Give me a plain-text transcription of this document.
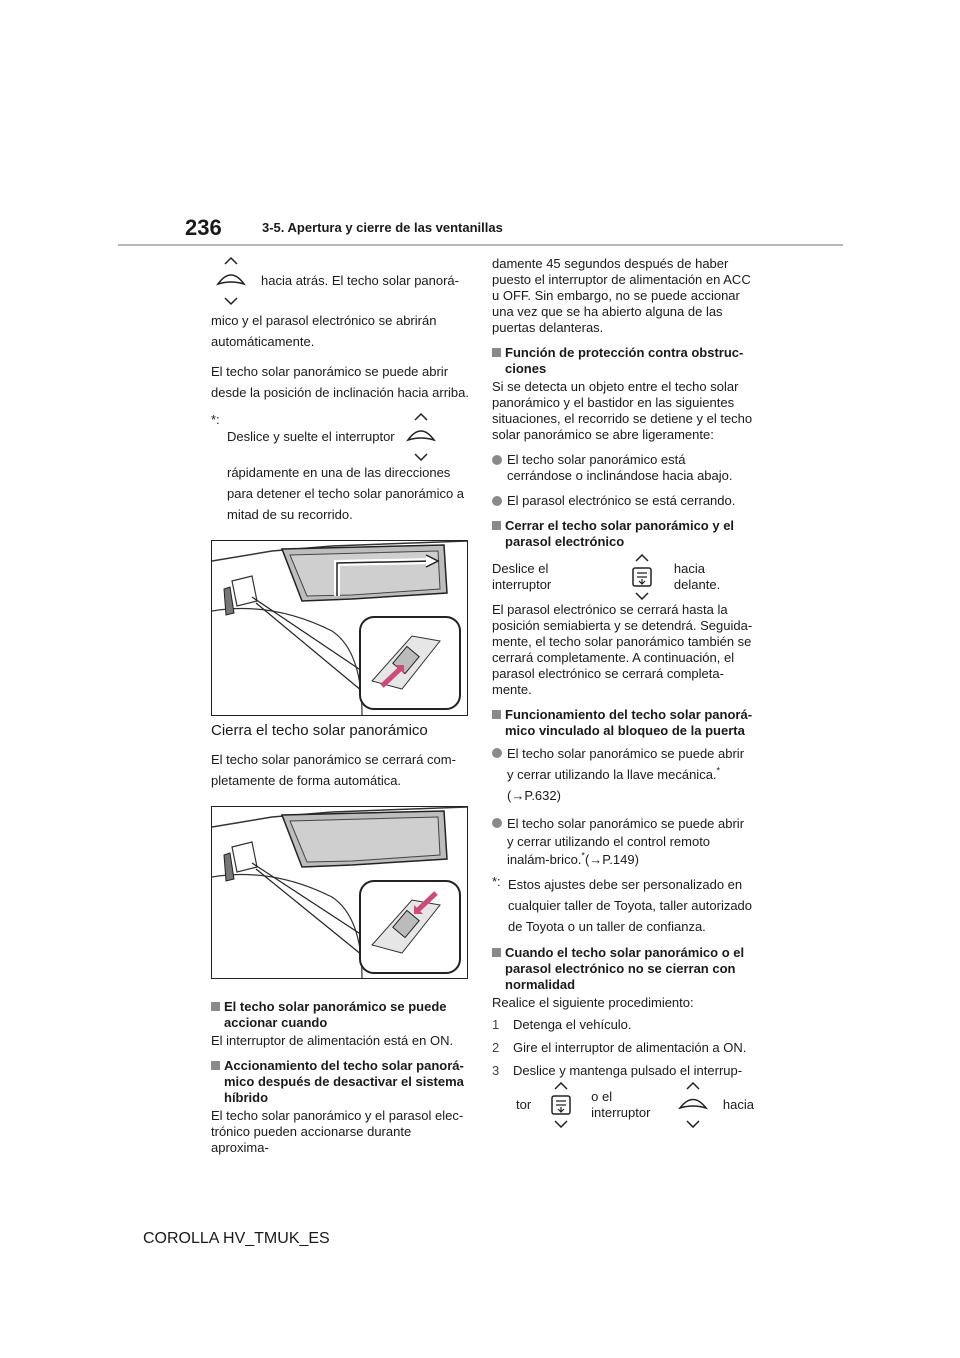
236	3-5. Apertura y cierre de las ventanillas
hacia atrás. El techo solar panorá-

mico y el parasol electrónico se abrirán automáticamente.

El techo solar panorámico se puede abrir desde la posición de inclinación hacia arriba.

*:
Deslice y suelte el interruptor

rápidamente en una de las direcciones para detener el techo solar panorámico a mitad de su recorrido.

Cierra el techo solar panorámico

El techo solar panorámico se cerrará com-pletamente de forma automática.

El techo solar panorámico se puede accionar cuando

El interruptor de alimentación está en ON.

Accionamiento del techo solar panorá-mico después de desactivar el sistema híbrido

El techo solar panorámico y el parasol elec-trónico pueden accionarse durante aproxima-

damente 45 segundos después de haber puesto el interruptor de alimentación en ACC u OFF. Sin embargo, no se puede accionar una vez que se ha abierto alguna de las puertas delanteras.

Función de protección contra obstruc-ciones

Si se detecta un objeto entre el techo solar panorámico y el bastidor en las siguientes situaciones, el recorrido se detiene y el techo solar panorámico se abre ligeramente:

El techo solar panorámico está cerrándose o inclinándose hacia abajo.
El parasol electrónico se está cerrando.
Cerrar el techo solar panorámico y el parasol electrónico
Deslice el interruptor
hacia delante.

El parasol electrónico se cerrará hasta la posición semiabierta y se detendrá. Seguida-mente, el techo solar panorámico también se cerrará completamente. A continuación, el parasol electrónico se cerrará completa-mente.

Funcionamiento del techo solar panorá-mico vinculado al bloqueo de la puerta
El techo solar panorámico se puede abrir y cerrar utilizando la llave mecánica.*
(→P.632)
El techo solar panorámico se puede abrir y cerrar utilizando el control remoto inalám-brico.*(→P.149)
*: Estos ajustes debe ser personalizado en cualquier taller de Toyota, taller autorizado de Toyota o un taller de confianza.
Cuando el techo solar panorámico o el parasol electrónico no se cierran con normalidad

Realice el siguiente procedimiento:

1	Detenga el vehículo.
2	Gire el interruptor de alimentación a ON.
3	Deslice y mantenga pulsado el interrup-
tor
o el interruptor
hacia
COROLLA HV_TMUK_ES
